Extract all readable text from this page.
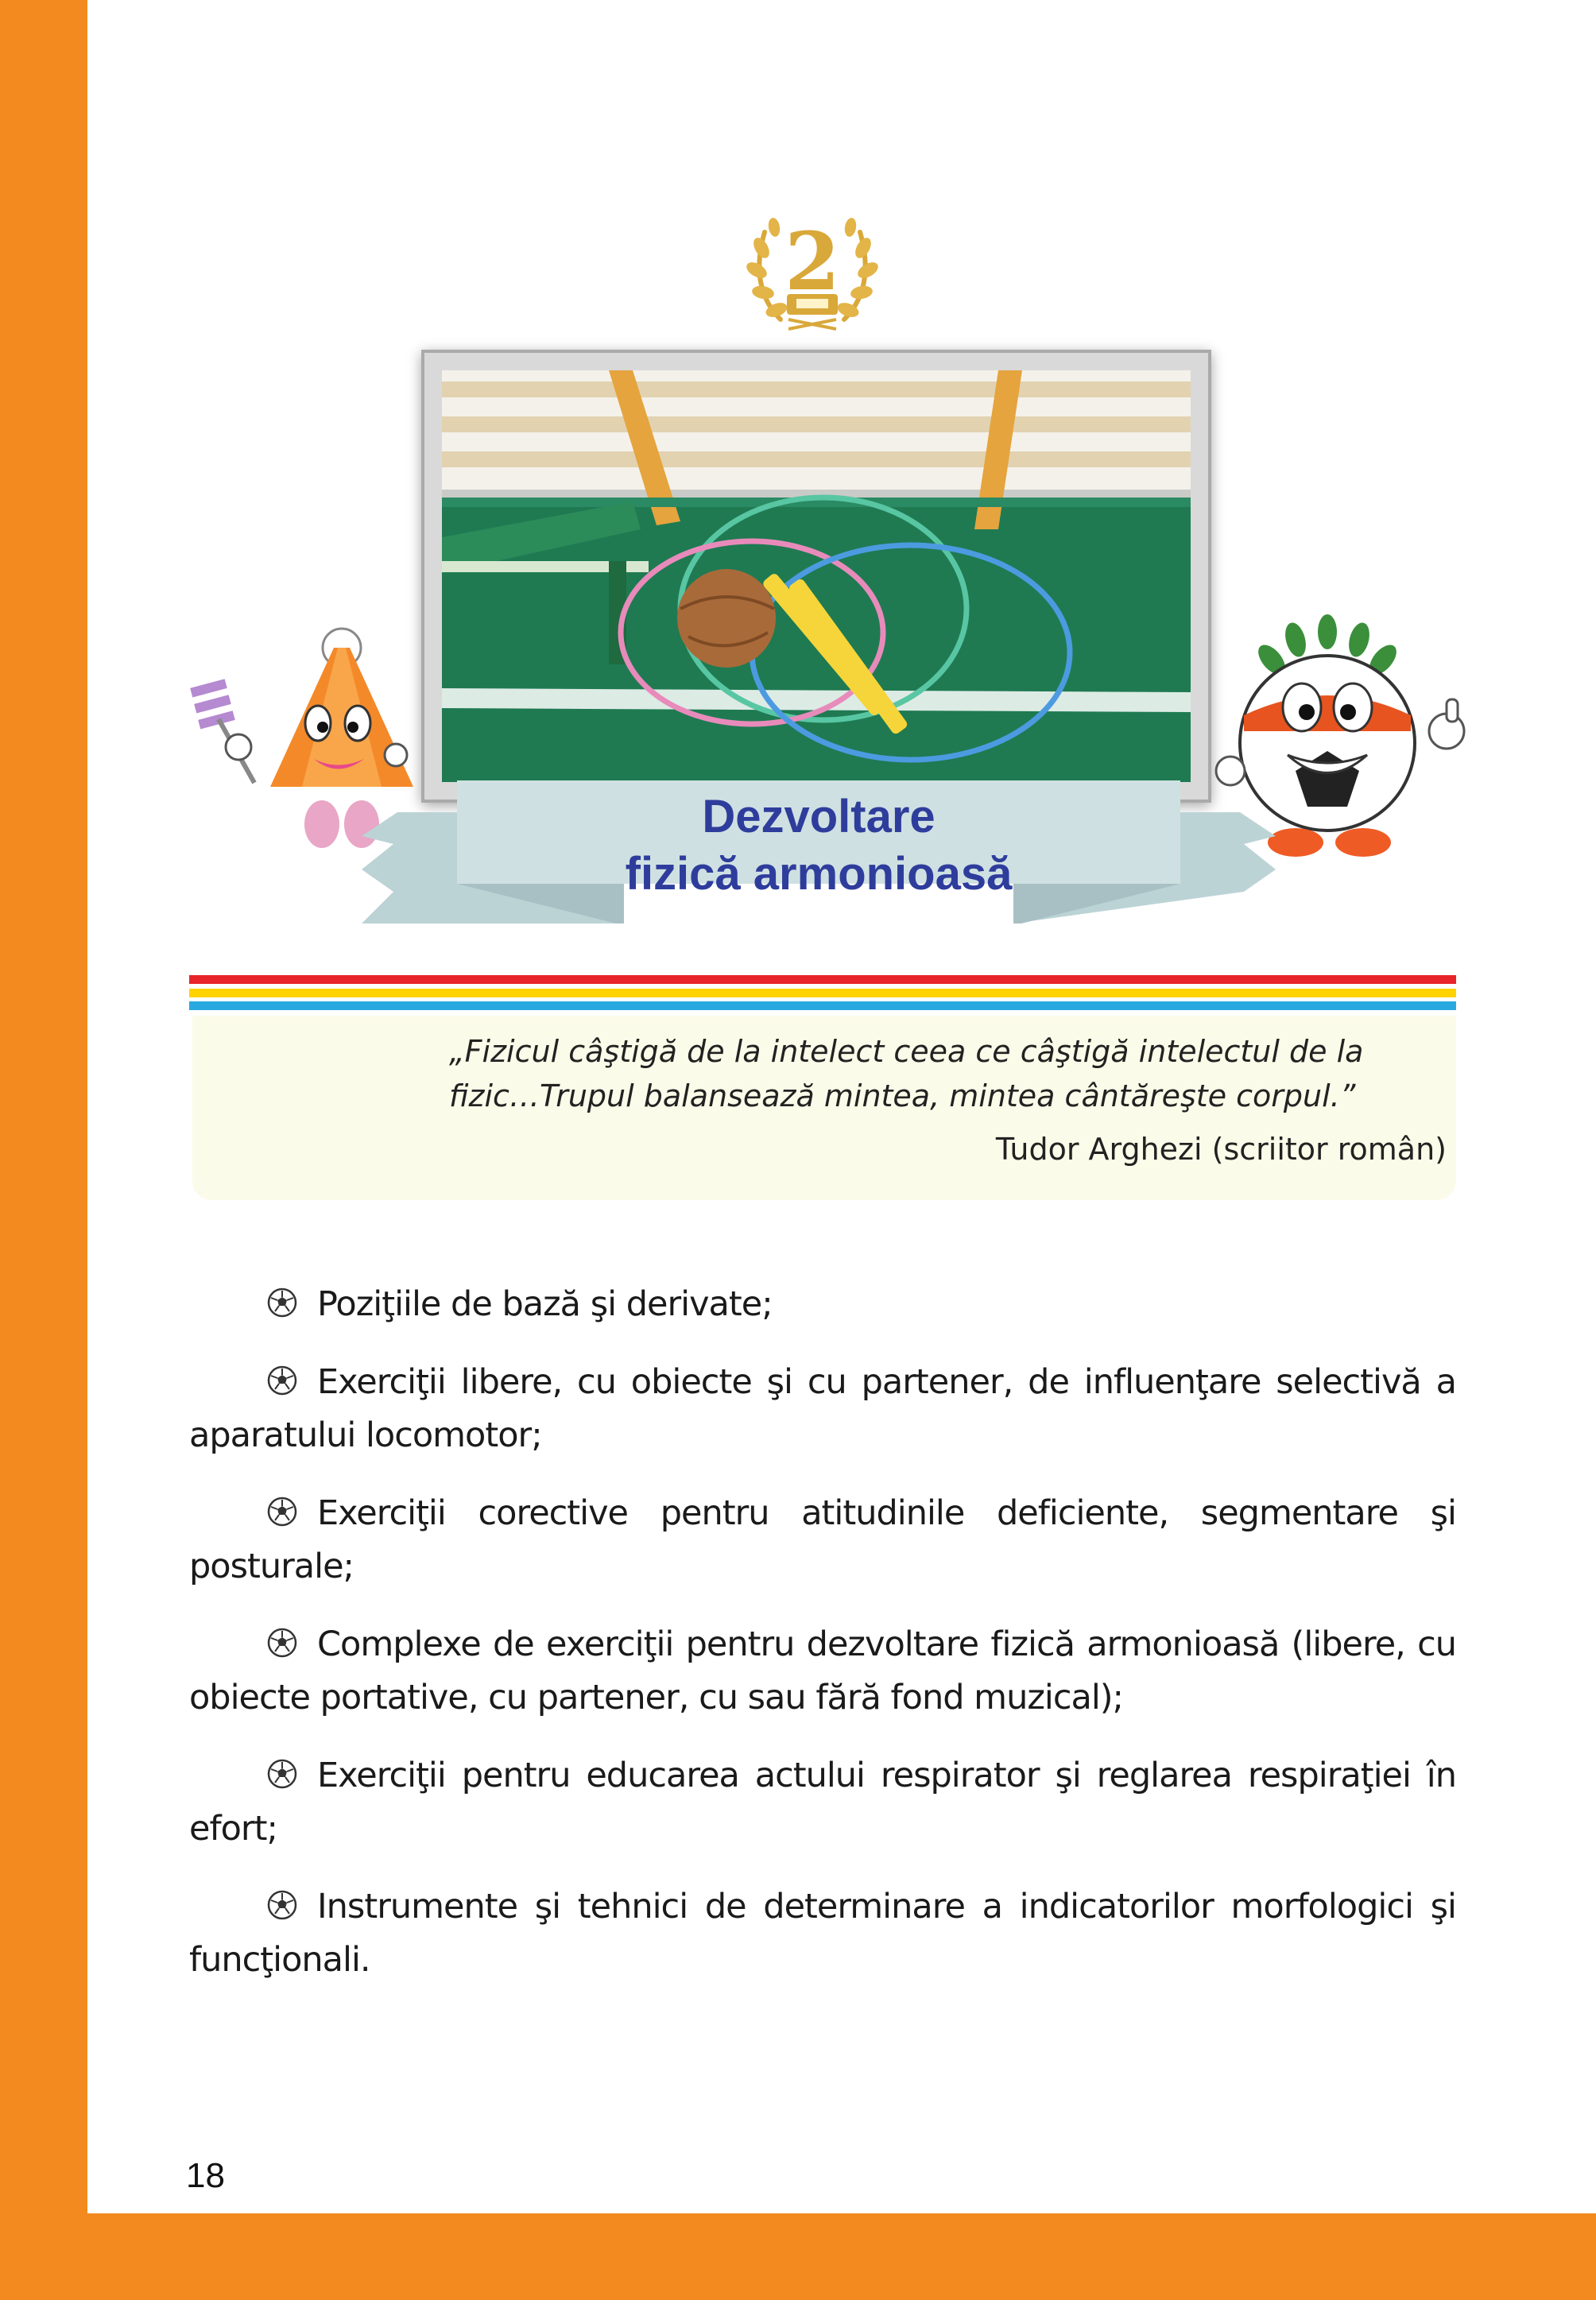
2
Dezvoltare
fizică armonioasă
„Fizicul câştigă de la intelect ceea ce câştigă intelectul de la fizic…Trupul balansează mintea, mintea cântăreşte corpul.”
Tudor Arghezi (scriitor român)
Poziţiile de bază şi derivate;
Exerciţii libere, cu obiecte şi cu partener, de influenţare selectivă a aparatului locomotor;
Exerciţii corective pentru atitudinile deficiente, segmentare şi posturale;
Complexe de exerciţii pentru dezvoltare fizică armonioasă (libere, cu obiecte portative, cu partener, cu sau fără fond muzical);
Exerciţii pentru educarea actului respirator şi reglarea respiraţiei în efort;
Instrumente şi tehnici de determinare a indicatorilor morfologici şi funcţionali.
18
